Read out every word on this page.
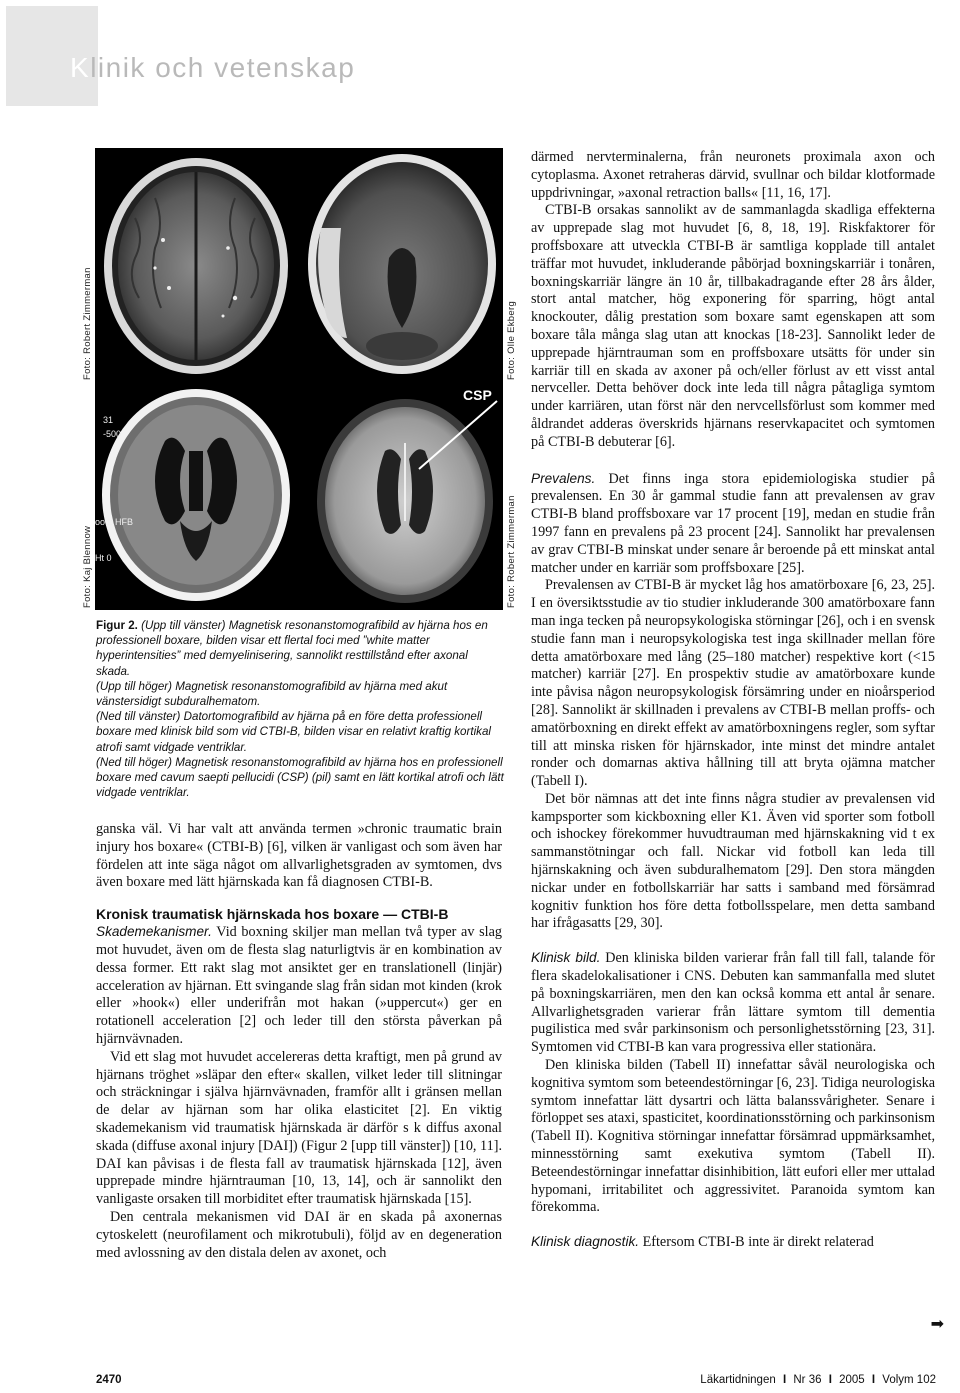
Klinik och vetenskap
Foto: Robert Zimmerman
Foto: Kaj Blennow
Foto: Olle Ekberg
Foto: Robert Zimmerman
31
-500
ood: HFB
Ht 0
CSP

Figur 2. (Upp till vänster) Magnetisk resonanstomografibild av hjärna hos en professionell boxare, bilden visar ett flertal foci med ”white matter hyperintensities” med demyelinisering, sannolikt resttillstånd efter axonal skada.

(Upp till höger) Magnetisk resonanstomografibild av hjärna med akut vänstersidigt subduralhematom.

(Ned till vänster) Datortomografibild av hjärna på en före detta professionell boxare med klinisk bild som vid CTBI-B, bilden visar en relativt kraftig kortikal atrofi samt vidgade ventriklar.

(Ned till höger) Magnetisk resonanstomografibild av hjärna hos en professionell boxare med cavum saepti pellucidi (CSP) (pil) samt en lätt kortikal atrofi och lätt vidgade ventriklar.

ganska väl. Vi har valt att använda termen »chronic traumatic brain injury hos boxare« (CTBI-B) [6], vilken är vanligast och som även har fördelen att inte säga något om allvarlighetsgraden av symtomen, dvs även boxare med lätt hjärnskada kan få diagnosen CTBI-B.

Kronisk traumatisk hjärnskada hos boxare — CTBI-B

Skademekanismer. Vid boxning skiljer man mellan två typer av slag mot huvudet, även om de flesta slag naturligtvis är en kombination av dessa former. Ett rakt slag mot ansiktet ger en translationell (linjär) acceleration av hjärnan. Ett svingande slag från sidan mot kinden (krok eller »hook«) eller underifrån mot hakan (»uppercut«) ger en rotationell acceleration [2] och leder till den största påverkan på hjärnvävnaden.

Vid ett slag mot huvudet accelereras detta kraftigt, men på grund av hjärnans tröghet »släpar den efter« skallen, vilket leder till slitningar och sträckningar i själva hjärnvävnaden, framför allt i gränsen mellan de delar av hjärnan som har olika elasticitet [2]. En viktig skademekanism vid traumatisk hjärnskada är därför s k diffus axonal skada (diffuse axonal injury [DAI]) (Figur 2 [upp till vänster]) [10, 11]. DAI kan påvisas i de flesta fall av traumatisk hjärnskada [12], även upprepade mindre hjärntrauman [10, 13, 14], och är sannolikt den vanligaste orsaken till morbiditet efter traumatisk hjärnskada [15].

Den centrala mekanismen vid DAI är en skada på axonernas cytoskelett (neurofilament och mikrotubuli), följd av en degeneration med avlossning av den distala delen av axonet, och

därmed nervterminalerna, från neuronets proximala axon och cytoplasma. Axonet retraheras därvid, svullnar och bildar klotformade uppdrivningar, »axonal retraction balls« [11, 16, 17].

CTBI-B orsakas sannolikt av de sammanlagda skadliga effekterna av upprepade slag mot huvudet [6, 8, 18, 19]. Riskfaktorer för proffsboxare att utveckla CTBI-B är samtliga kopplade till antalet träffar mot huvudet, inkluderande påbörjad boxningskarriär i tonåren, boxningskarriär längre än 10 år, tillbakadragande efter 28 års ålder, stort antal matcher, hög exponering för sparring, högt antal knockouter, dålig prestation som boxare samt egenskapen att som boxare tåla många slag utan att knockas [18-23]. Sannolikt leder de upprepade hjärntrauman som en proffsboxare utsätts för under sin karriär till en skada av axoner på och/eller förlust av ett visst antal nervceller. Detta behöver dock inte leda till några påtagliga symtom under karriären, utan först när den nervcellsförlust som kommer med åldrandet adderas överskrids hjärnans reservkapacitet och symtomen på CTBI-B debuterar [6].

Prevalens. Det finns inga stora epidemiologiska studier på prevalensen. En 30 år gammal studie fann att prevalensen av grav CTBI-B bland proffsboxare var 17 procent [19], medan en studie från 1997 fann en prevalens på 23 procent [24]. Sannolikt har prevalensen av grav CTBI-B minskat under senare år beroende på ett minskat antal matcher under en karriär som proffsboxare [25].

Prevalensen av CTBI-B är mycket låg hos amatörboxare [6, 23, 25]. I en översiktsstudie av tio studier inkluderande 300 amatörboxare fann man inga tecken på neuropsykologiska störningar [26], och i en svensk studie fann man i neuropsykologiska test inga skillnader mellan före detta amatörboxare med lång (25–180 matcher) respektive kort (<15 matcher) karriär [27]. En prospektiv studie av amatörboxare kunde inte påvisa någon neuropsykologisk försämring under en nioårsperiod [28]. Sannolikt är skillnaden i prevalens av CTBI-B mellan proffs- och amatörboxning en direkt effekt av amatörboxningens regler, som syftar till att minska risken för hjärnskador, inte minst det mindre antalet ronder och domarnas aktiva hållning till att bryta ojämna matcher (Tabell I).

Det bör nämnas att det inte finns några studier av prevalensen vid kampsporter som kickboxning eller K1. Även vid sporter som fotboll och ishockey förekommer huvudtrauman med hjärnskakning vid t ex sammanstötningar och fall. Nickar vid fotboll kan leda till hjärnskakning och även subduralhematom [29]. Den stora mängden nickar under en fotbollskarriär har satts i samband med försämrad kognitiv funktion hos före detta fotbollsspelare, men detta samband har ifrågasatts [29, 30].

Klinisk bild. Den kliniska bilden varierar från fall till fall, talande för flera skadelokalisationer i CNS. Debuten kan sammanfalla med slutet på boxningskarriären, men den kan också komma ett antal år senare. Allvarlighetsgraden varierar från lättare symtom till dementia pugilistica med svår parkinsonism och personlighetsstörning [23, 31]. Symtomen vid CTBI-B kan vara progressiva eller stationära.

Den kliniska bilden (Tabell II) innefattar såväl neurologiska och kognitiva symtom som beteendestörningar [6, 23]. Tidiga neurologiska symtom innefattar lätt dysartri och lätta balanssvårigheter. Senare i förloppet ses ataxi, spasticitet, koordinationsstörning och parkinsonism (Tabell II). Kognitiva störningar innefattar försämrad uppmärksamhet, minnesstörning samt exekutiva symtom (Tabell II). Beteendestörningar innefattar disinhibition, lätt eufori eller mer uttalad hypomani, irritabilitet och aggressivitet. Paranoida symtom kan förekomma.

Klinisk diagnostik. Eftersom CTBI-B inte är direkt relaterad

➡
2470	Läkartidningen I Nr 36 I 2005 I Volym 102
